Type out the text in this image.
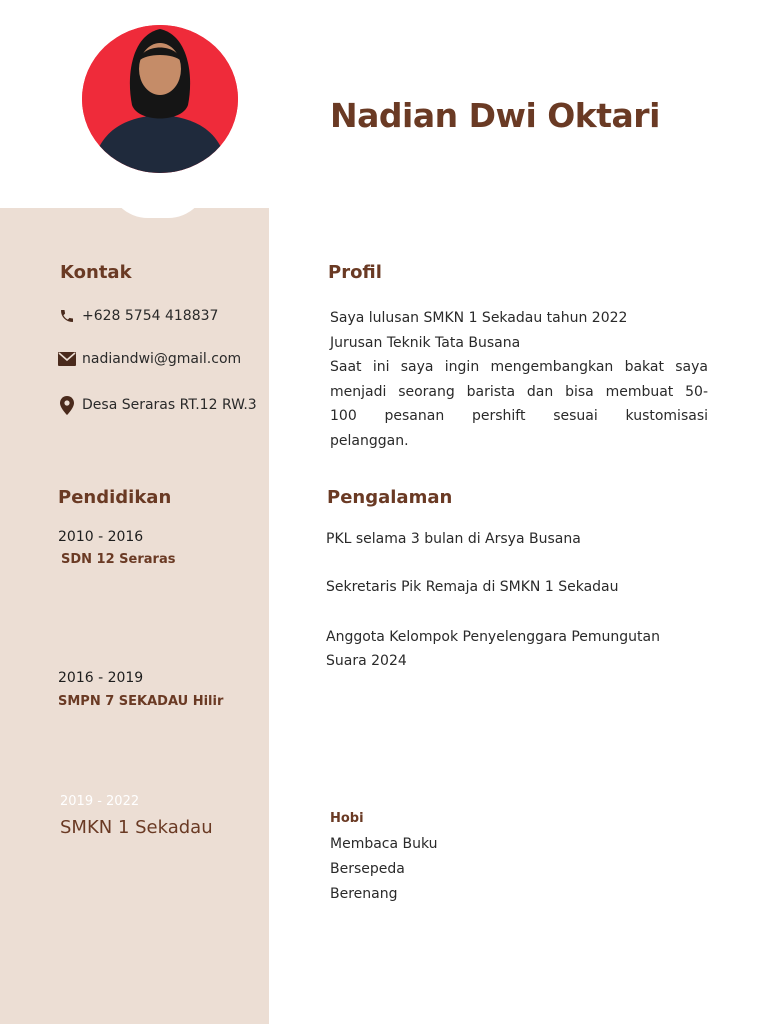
Nadian Dwi Oktari
Kontak
+628 5754 418837
nadiandwi@gmail.com
Desa Seraras RT.12 RW.3
Pendidikan
2010 - 2016
SDN 12 Seraras
2016 - 2019
SMPN 7 SEKADAU Hilir
2019 - 2022
SMKN 1 Sekadau
Profil
Saya lulusan SMKN 1 Sekadau tahun 2022
Jurusan Teknik Tata Busana
Saat ini saya ingin mengembangkan bakat saya
menjadi seorang barista dan bisa membuat 50-
100 pesanan pershift sesuai kustomisasi
pelanggan.
Pengalaman
PKL selama 3 bulan di Arsya Busana
Sekretaris Pik Remaja di SMKN 1 Sekadau
Anggota Kelompok Penyelenggara Pemungutan
Suara 2024
Hobi
Membaca Buku
Bersepeda
Berenang
